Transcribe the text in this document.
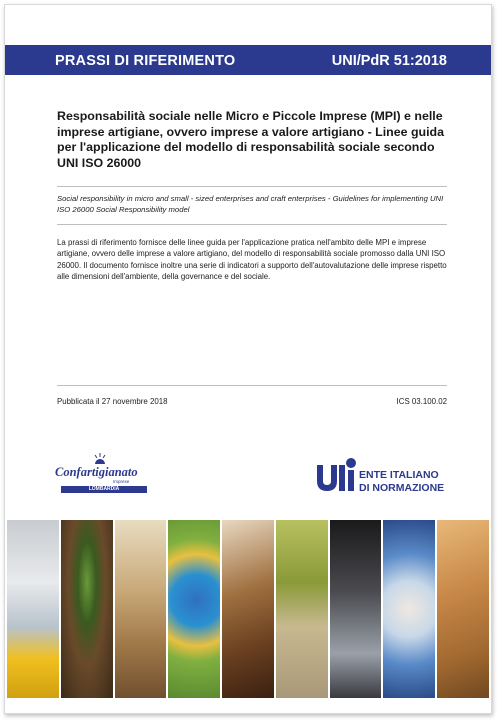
PRASSI DI RIFERIMENTO	UNI/PdR 51:2018
Responsabilità sociale nelle Micro e Piccole Imprese (MPI) e nelle imprese artigiane, ovvero imprese a valore artigiano - Linee guida per l'applicazione del modello di responsabilità sociale secondo UNI ISO 26000
Social responsibility in micro and small - sized enterprises and craft enterprises - Guidelines for implementing UNI ISO 26000 Social Responsibility model
La prassi di riferimento fornisce delle linee guida per l'applicazione pratica nell'ambito delle MPI e imprese artigiane, ovvero delle imprese a valore artigiano, del modello di responsabilità sociale promosso dalla UNI ISO 26000. Il documento fornisce inoltre una serie di indicatori a supporto dell'autovalutazione delle imprese rispetto alle dimensioni dell'ambiente, della governance e del sociale.
Pubblicata il 27 novembre 2018	ICS 03.100.02
Confartigianato
Imprese
LOMBARDIA
ENTE ITALIANO
DI NORMAZIONE
